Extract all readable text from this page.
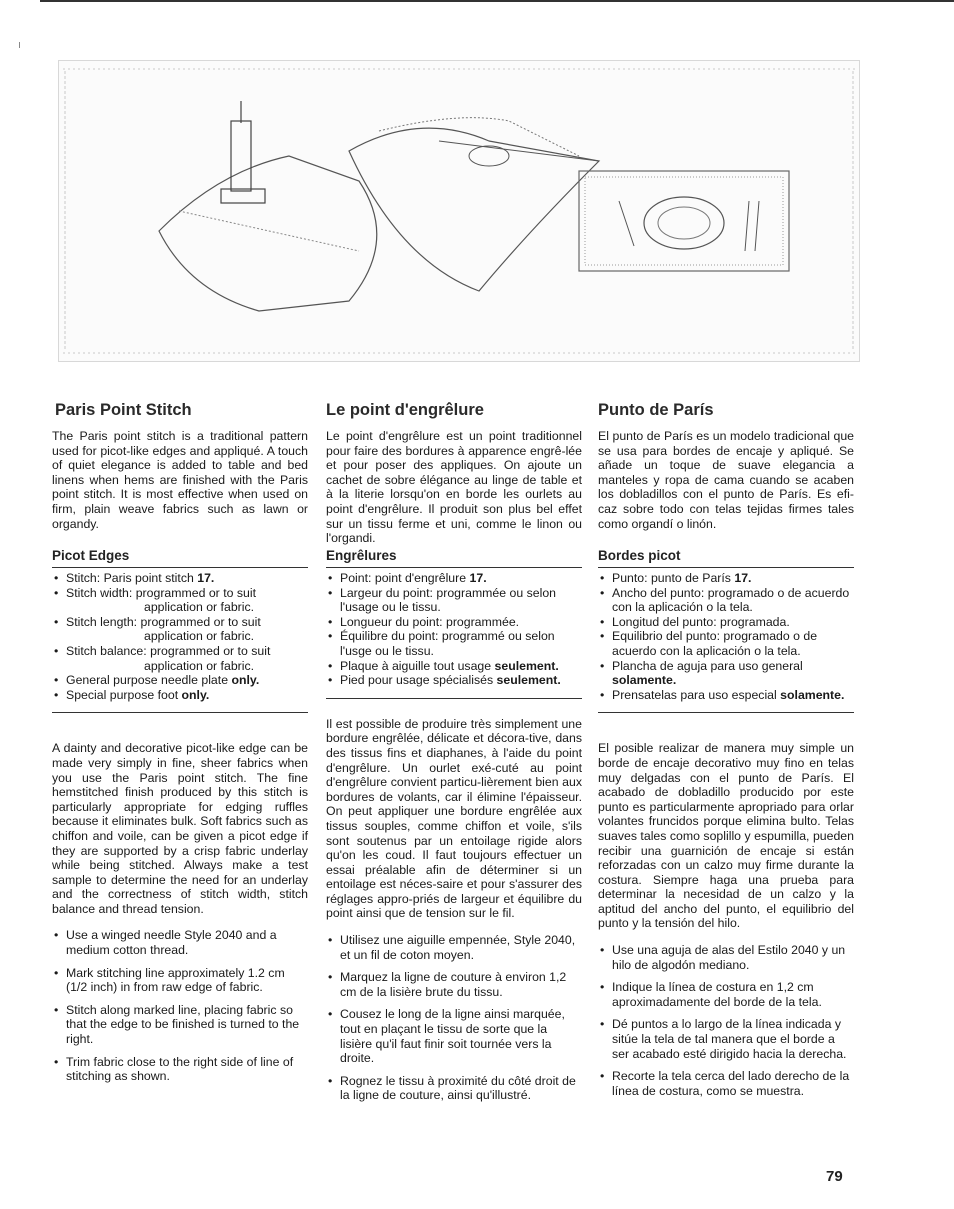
Paris Point Stitch

The Paris point stitch is a traditional pattern used for picot-like edges and appliqué. A touch of quiet elegance is added to table and bed linens when hems are finished with the Paris point stitch. It is most effective when used on firm, plain weave fabrics such as lawn or organdy.

Picot Edges
• Stitch: Paris point stitch 17.
• Stitch width: programmed or to suit
application or fabric.
• Stitch length: programmed or to suit
application or fabric.
• Stitch balance: programmed or to suit
application or fabric.
• General purpose needle plate only.
• Special purpose foot only.

A dainty and decorative picot-like edge can be made very simply in fine, sheer fabrics when you use the Paris point stitch. The fine hemstitched finish produced by this stitch is particularly appropriate for edging ruffles because it eliminates bulk. Soft fabrics such as chiffon and voile, can be given a picot edge if they are supported by a crisp fabric underlay while being stitched. Always make a test sample to determine the need for an underlay and the correctness of stitch width, stitch balance and thread tension.

• Use a winged needle Style 2040 and a medium cotton thread.
• Mark stitching line approximately 1.2 cm (1/2 inch) in from raw edge of fabric.
• Stitch along marked line, placing fabric so that the edge to be finished is turned to the right.
• Trim fabric close to the right side of line of stitching as shown.
Le point d'engrêlure

Le point d'engrêlure est un point traditionnel pour faire des bordures à apparence engrê-lée et pour poser des appliques. On ajoute un cachet de sobre élégance au linge de table et à la literie lorsqu'on en borde les ourlets au point d'engrêlure. Il produit son plus bel effet sur un tissu ferme et uni, comme le linon ou l'organdi.

Engrêlures
• Point: point d'engrêlure 17.
• Largeur du point: programmée ou selon l'usage ou le tissu.
• Longueur du point: programmée.
• Équilibre du point: programmé ou selon l'usge ou le tissu.
• Plaque à aiguille tout usage seulement.
• Pied pour usage spécialisés seulement.

Il est possible de produire très simplement une bordure engrêlée, délicate et décora-tive, dans des tissus fins et diaphanes, à l'aide du point d'engrêlure. Un ourlet exé-cuté au point d'engrêlure convient particu-lièrement bien aux bordures de volants, car il élimine l'épaisseur. On peut appliquer une bordure engrêlée aux tissus souples, comme chiffon et voile, s'ils sont soutenus par un entoilage rigide alors qu'on les coud. Il faut toujours effectuer un essai préalable afin de déterminer si un entoilage est néces-saire et pour s'assurer des réglages appro-priés de largeur et équilibre du point ainsi que de tension sur le fil.

• Utilisez une aiguille empennée, Style 2040, et un fil de coton moyen.
• Marquez la ligne de couture à environ 1,2 cm de la lisière brute du tissu.
• Cousez le long de la ligne ainsi marquée, tout en plaçant le tissu de sorte que la lisière qu'il faut finir soit tournée vers la droite.
• Rognez le tissu à proximité du côté droit de la ligne de couture, ainsi qu'illustré.
Punto de París

El punto de París es un modelo tradicional que se usa para bordes de encaje y apliqué. Se añade un toque de suave elegancia a manteles y ropa de cama cuando se acaben los dobladillos con el punto de París. Es efi-caz sobre todo con telas tejidas firmes tales como organdí o linón.

Bordes picot
• Punto: punto de París 17.
• Ancho del punto: programado o de acuerdo con la aplicación o la tela.
• Longitud del punto: programada.
• Equilibrio del punto: programado o de acuerdo con la aplicación o la tela.
• Plancha de aguja para uso general solamente.
• Prensatelas para uso especial solamente.

El posible realizar de manera muy simple un borde de encaje decorativo muy fino en telas muy delgadas con el punto de París. El acabado de dobladillo producido por este punto es particularmente apropriado para orlar volantes fruncidos porque elimina bulto. Telas suaves tales como soplillo y espumilla, pueden recibir una guarnición de encaje si están reforzadas con un calzo muy firme durante la costura. Siempre haga una prueba para determinar la necesidad de un calzo y la aptitud del ancho del punto, el equilibrio del punto y la tensión del hilo.

• Use una aguja de alas del Estilo 2040 y un hilo de algodón mediano.
• Indique la línea de costura en 1,2 cm aproximadamente del borde de la tela.
• Dé puntos a lo largo de la línea indicada y sitúe la tela de tal manera que el borde a ser acabado esté dirigido hacia la derecha.
• Recorte la tela cerca del lado derecho de la línea de costura, como se muestra.
79
